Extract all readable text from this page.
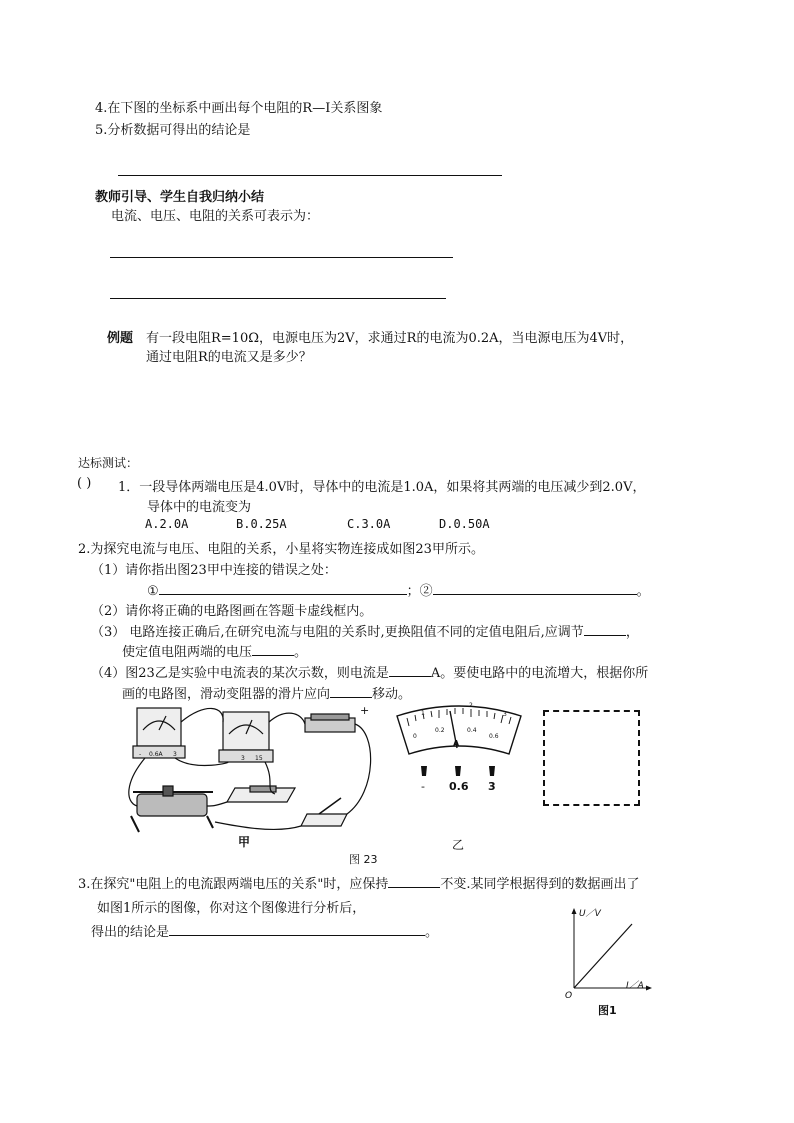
4.在下图的坐标系中画出每个电阻的R—I关系图象
5.分析数据可得出的结论是
教师引导、学生自我归纳小结
电流、电压、电阻的关系可表示为：
例题 有一段电阻R=10Ω，电源电压为2V，求通过R的电流为0.2A，当电源电压为4V时，
通过电阻R的电流又是多少？
达标测试：
( ) 1．一段导体两端电压是4.0V时，导体中的电流是1.0A，如果将其两端的电压减少到2.0V，
导体中的电流变为
A.2.0A	B.0.25A	C.3.0A	D.0.50A
2.为探究电流与电压、电阻的关系，小星将实物连接成如图23甲所示。
（1）请你指出图23甲中连接的错误之处：
①	；②	。
（2）请你将正确的电路图画在答题卡虚线框内。
（3） 电路连接正确后,在研究电流与电阻的关系时,更换阻值不同的定值电阻后,应调节	，
使定值电阻两端的电压	。
（4）图23乙是实验中电流表的某次示数，则电流是	A。要使电路中的电流增大，根据你所
画的电路图，滑动变阻器的滑片应向	移动。
+
- 0.6A 3
3 15
1
2
3
0
0.2	0.4
0.6
A
- 0.6 3
甲	乙
图 23
3.在探究"电阻上的电流跟两端电压的关系"时，应保持	不变.某同学根据得到的数据画出了
如图1所示的图像，你对这个图像进行分析后，
得出的结论是	。
U／V
I／A
O
图1
